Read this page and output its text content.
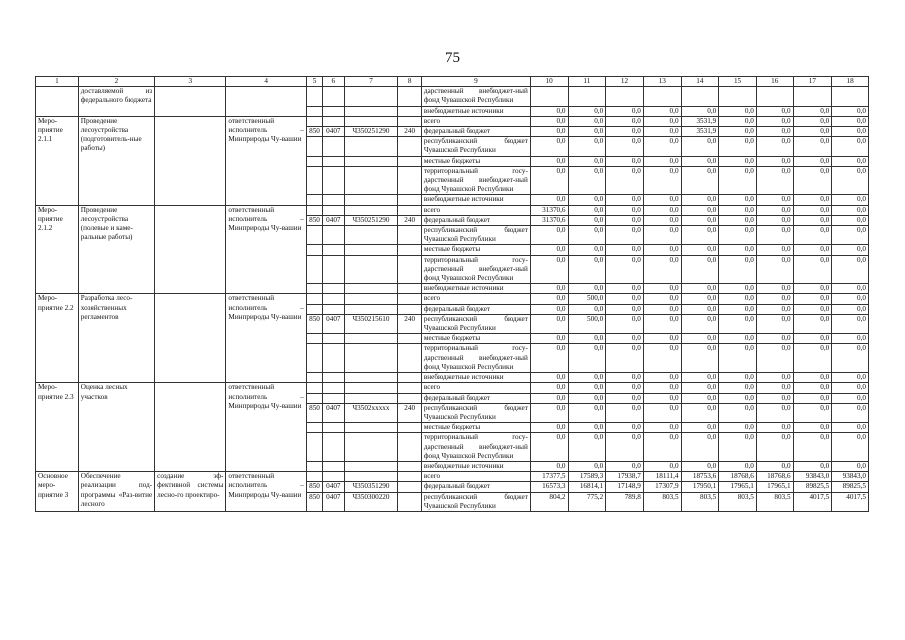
75
1	2	3	4	5	6	7	8	9	10	11	12	13	14	15	16	17	18
	доставляемой из федерального бюджета							дарственный внебюджет-ный фонд Чувашской Республики									
								внебюджетные источники	0,0	0,0	0,0	0,0	0,0	0,0	0,0	0,0	0,0
Меро-приятие 2.1.1	Проведение лесоустройства (подготовитель-ные работы)		ответственный исполнитель – Минприроды Чу-вашии					всего	0,0	0,0	0,0	0,0	3531,9	0,0	0,0	0,0	0,0
				850	0407	Ч350251290	240	федеральный бюджет	0,0	0,0	0,0	0,0	3531,9	0,0	0,0	0,0	0,0
								республиканский бюджет Чувашской Республики	0,0	0,0	0,0	0,0	0,0	0,0	0,0	0,0	0,0
								местные бюджеты	0,0	0,0	0,0	0,0	0,0	0,0	0,0	0,0	0,0
								территориальный госу-дарственный внебюджет-ный фонд Чувашской Республики	0,0	0,0	0,0	0,0	0,0	0,0	0,0	0,0	0,0
								внебюджетные источники	0,0	0,0	0,0	0,0	0,0	0,0	0,0	0,0	0,0
Меро-приятие 2.1.2	Проведение лесоустройства (полевые и каме-ральные работы)		ответственный исполнитель – Минприроды Чу-вашии					всего	31370,6	0,0	0,0	0,0	0,0	0,0	0,0	0,0	0,0
				850	0407	Ч350251290	240	федеральный бюджет	31370,6	0,0	0,0	0,0	0,0	0,0	0,0	0,0	0,0
								республиканский бюджет Чувашской Республики	0,0	0,0	0,0	0,0	0,0	0,0	0,0	0,0	0,0
								местные бюджеты	0,0	0,0	0,0	0,0	0,0	0,0	0,0	0,0	0,0
								территориальный госу-дарственный внебюджет-ный фонд Чувашской Республики	0,0	0,0	0,0	0,0	0,0	0,0	0,0	0,0	0,0
								внебюджетные источники	0,0	0,0	0,0	0,0	0,0	0,0	0,0	0,0	0,0
Меро-приятие 2.2	Разработка лесо-хозяйственных регламентов		ответственный исполнитель – Минприроды Чу-вашии					всего	0,0	500,0	0,0	0,0	0,0	0,0	0,0	0,0	0,0
								федеральный бюджет	0,0	0,0	0,0	0,0	0,0	0,0	0,0	0,0	0,0
				850	0407	Ч350215610	240	республиканский бюджет Чувашской Республики	0,0	500,0	0,0	0,0	0,0	0,0	0,0	0,0	0,0
								местные бюджеты	0,0	0,0	0,0	0,0	0,0	0,0	0,0	0,0	0,0
								территориальный госу-дарственный внебюджет-ный фонд Чувашской Республики	0,0	0,0	0,0	0,0	0,0	0,0	0,0	0,0	0,0
								внебюджетные источники	0,0	0,0	0,0	0,0	0,0	0,0	0,0	0,0	0,0
Меро-приятие 2.3	Оценка лесных участков		ответственный исполнитель – Минприроды Чу-вашии					всего	0,0	0,0	0,0	0,0	0,0	0,0	0,0	0,0	0,0
								федеральный бюджет	0,0	0,0	0,0	0,0	0,0	0,0	0,0	0,0	0,0
				850	0407	Ч3502ххххх	240	республиканский бюджет Чувашской Республики	0,0	0,0	0,0	0,0	0,0	0,0	0,0	0,0	0,0
								местные бюджеты	0,0	0,0	0,0	0,0	0,0	0,0	0,0	0,0	0,0
								территориальный госу-дарственный внебюджет-ный фонд Чувашской Республики	0,0	0,0	0,0	0,0	0,0	0,0	0,0	0,0	0,0
								внебюджетные источники	0,0	0,0	0,0	0,0	0,0	0,0	0,0	0,0	0,0
Основное меро-приятие 3	Обеспечение реализации под-программы «Раз-витие лесного	создание эф-фективной системы лесно-го проектиро-	ответственный исполнитель – Минприроды Чу-вашии					всего	17377,5	17589,3	17938,7	18111,4	18753,6	18768,6	18768,6	93843,0	93843,0
				850	0407	Ч350351290		федеральный бюджет	16573,3	16814,1	17148,9	17307,9	17950,1	17965,1	17965,1	89825,5	89825,5
				850	0407	Ч350300220		республиканский бюджет Чувашской Республики	804,2	775,2	789,8	803,5	803,5	803,5	803,5	4017,5	4017,5
